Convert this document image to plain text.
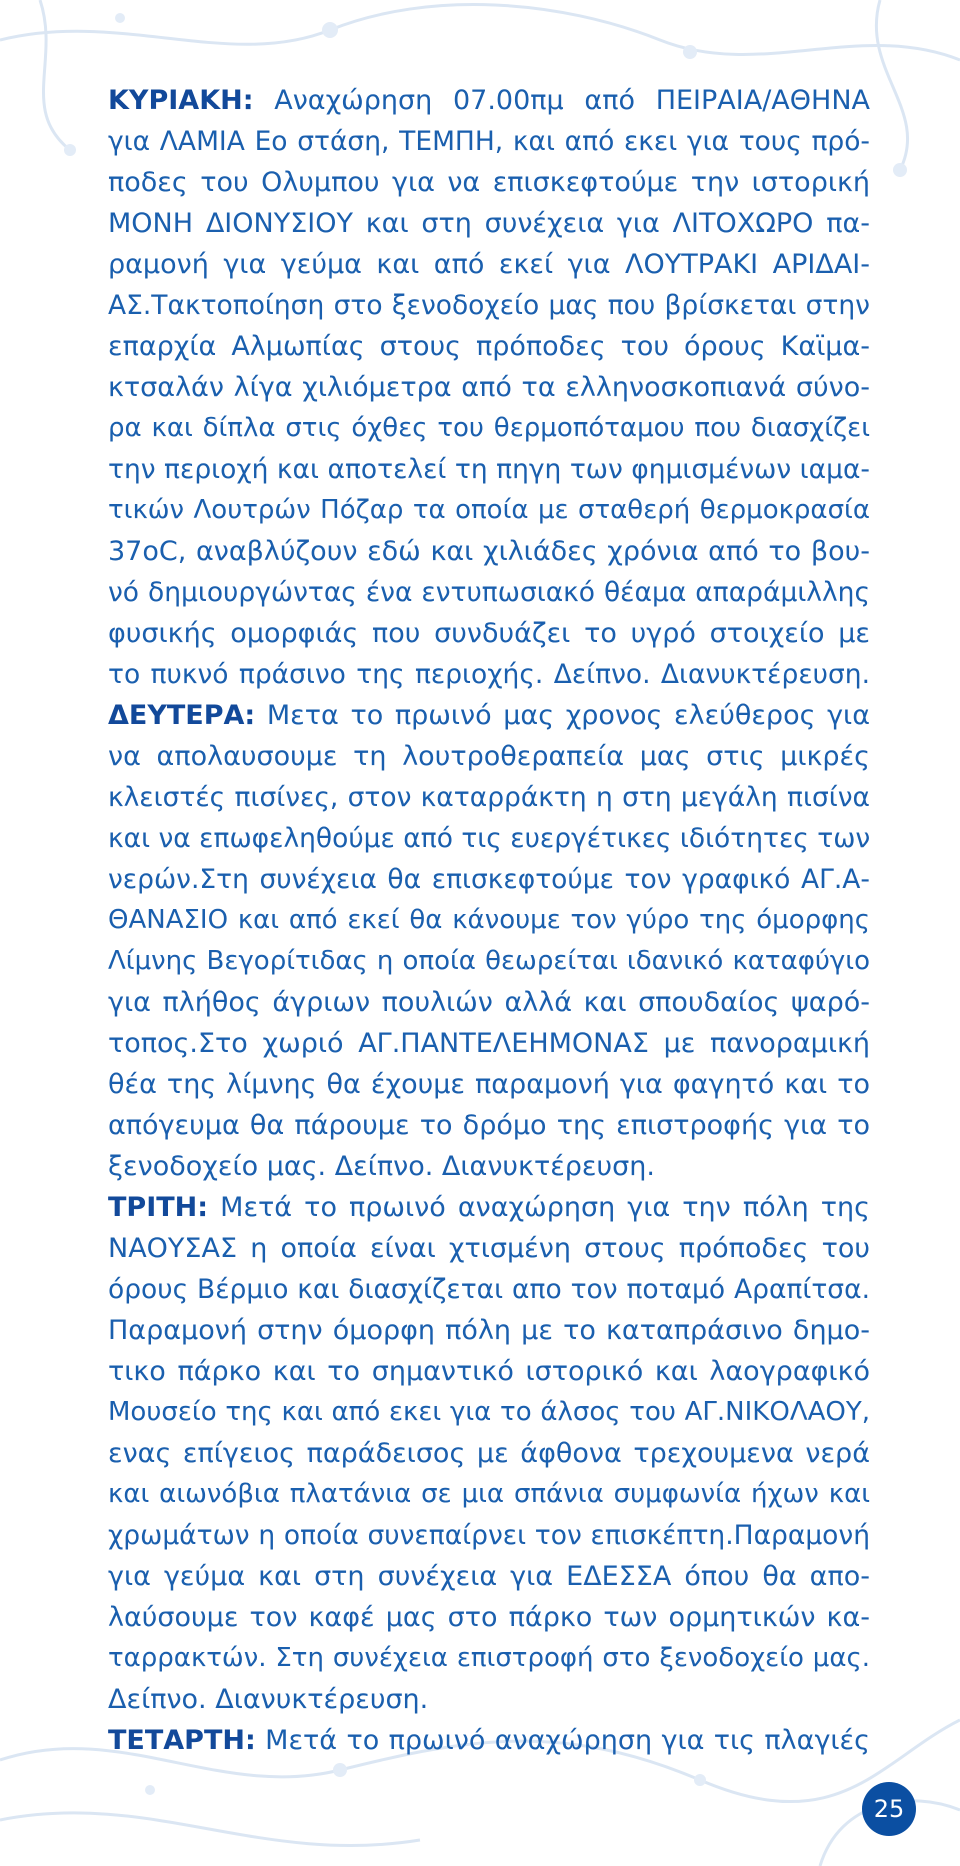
ΚΥΡΙΑΚΗ: Αναχώρηση 07.00πμ από ΠΕΙΡΑΙΑ/ΑΘΗΝΑ
για ΛΑΜΙΑ Εο στάση, ΤΕΜΠΗ, και από εκει για τους πρό-
ποδες του Ολυμπου για να επισκεφτούμε την ιστορική
ΜΟΝΗ ΔΙΟΝΥΣΙΟΥ και στη συνέχεια για ΛΙΤΟΧΩΡΟ πα-
ραμονή για γεύμα και από εκεί για ΛΟΥΤΡΑΚΙ ΑΡΙΔΑΙ-
ΑΣ.Τακτοποίηση στο ξενοδοχείο μας που βρίσκεται στην
επαρχία Αλμωπίας στους πρόποδες του όρους Καϊμα-
κτσαλάν λίγα χιλιόμετρα από τα ελληνοσκοπιανά σύνο-
ρα και δίπλα στις όχθες του θερμοπόταμου που διασχίζει
την περιοχή και αποτελεί τη πηγη των φημισμένων ιαμα-
τικών Λουτρών Πόζαρ τα οποία με σταθερή θερμοκρασία
37oC, αναβλύζουν εδώ και χιλιάδες χρόνια από το βου-
νό δημιουργώντας ένα εντυπωσιακό θέαμα απαράμιλλης
φυσικής ομορφιάς που συνδυάζει το υγρό στοιχείο με
το πυκνό πράσινο της περιοχής. Δείπνο. Διανυκτέρευση.
ΔΕΥΤΕΡΑ: Μετα το πρωινό μας χρονος ελεύθερος για
να απολαυσουμε τη λουτροθεραπεία μας στις μικρές
κλειστές πισίνες, στον καταρράκτη η στη μεγάλη πισίνα
και να επωφεληθούμε από τις ευεργέτικες ιδιότητες των
νερών.Στη συνέχεια θα επισκεφτούμε τον γραφικό ΑΓ.Α-
ΘΑΝΑΣΙΟ και από εκεί θα κάνουμε τον γύρο της όμορφης
Λίμνης Βεγορίτιδας η οποία θεωρείται ιδανικό καταφύγιο
για πλήθος άγριων πουλιών αλλά και σπουδαίος ψαρό-
τοπος.Στο χωριό ΑΓ.ΠΑΝΤΕΛΕΗΜΟΝΑΣ με πανοραμική
θέα της λίμνης θα έχουμε παραμονή για φαγητό και το
απόγευμα θα πάρουμε το δρόμο της επιστροφής για το
ξενοδοχείο μας. Δείπνο. Διανυκτέρευση.
ΤΡΙΤΗ: Μετά το πρωινό αναχώρηση για την πόλη της
ΝΑΟΥΣΑΣ η οποία είναι χτισμένη στους πρόποδες του
όρους Βέρμιο και διασχίζεται απο τον ποταμό Αραπίτσα.
Παραμονή στην όμορφη πόλη με το καταπράσινο δημο-
τικο πάρκο και το σημαντικό ιστορικό και λαογραφικό
Μουσείο της και από εκει για το άλσος του ΑΓ.ΝΙΚΟΛΑΟΥ,
ενας επίγειος παράδεισος με άφθονα τρεχουμενα νερά
και αιωνόβια πλατάνια σε μια σπάνια συμφωνία ήχων και
χρωμάτων η οποία συνεπαίρνει τον επισκέπτη.Παραμονή
για γεύμα και στη συνέχεια για ΕΔΕΣΣΑ όπου θα απο-
λαύσουμε τον καφέ μας στο πάρκο των ορμητικών κα-
ταρρακτών. Στη συνέχεια επιστροφή στο ξενοδοχείο μας.
Δείπνο. Διανυκτέρευση.
ΤΕΤΑΡΤΗ: Μετά το πρωινό αναχώρηση για τις πλαγιές
25
